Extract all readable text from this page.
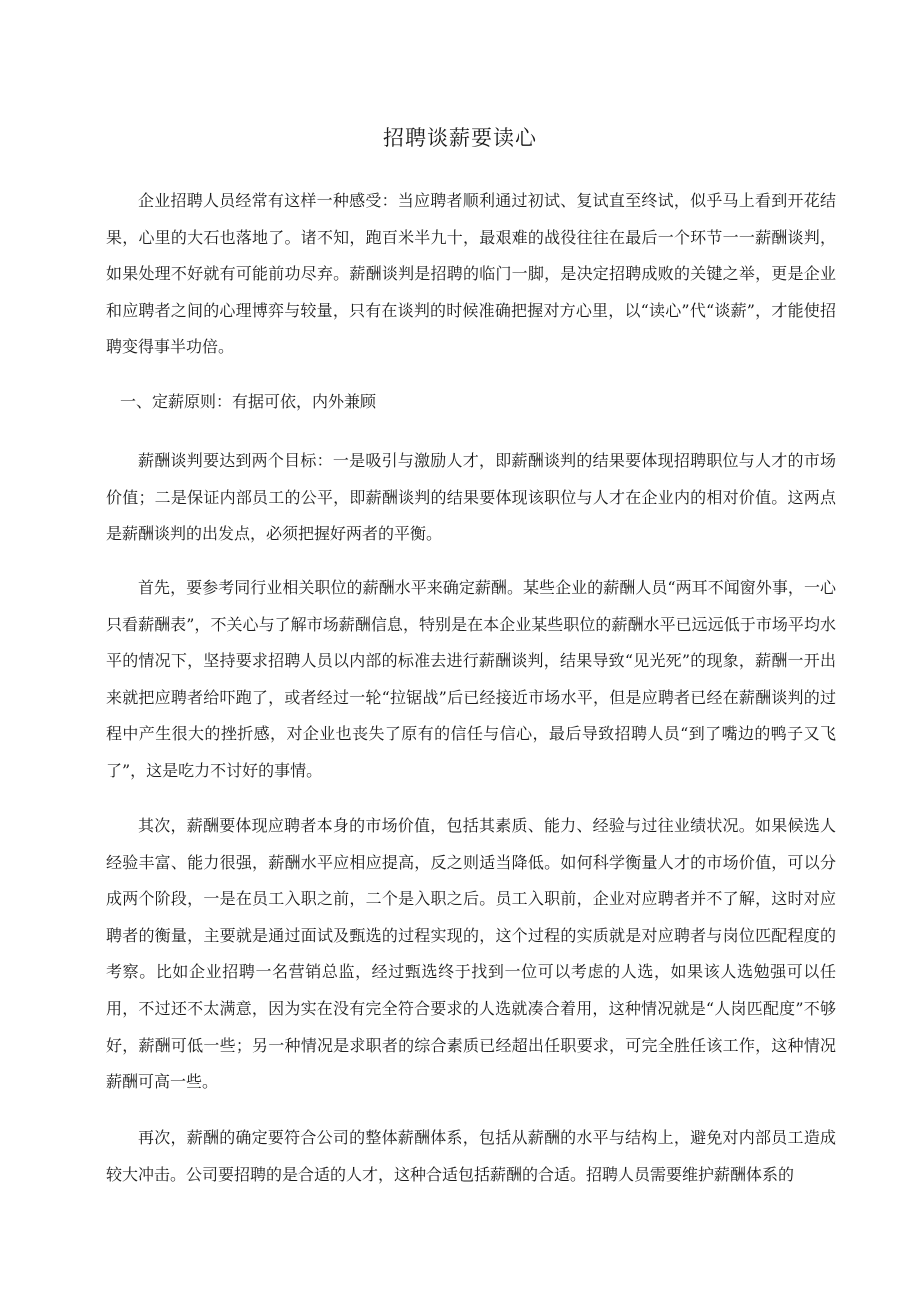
招聘谈薪要读心

企业招聘人员经常有这样一种感受：当应聘者顺利通过初试、复试直至终试，似乎马上看到开花结果，心里的大石也落地了。诸不知，跑百米半九十，最艰难的战役往往在最后一个环节一一薪酬谈判，如果处理不好就有可能前功尽弃。薪酬谈判是招聘的临门一脚，是决定招聘成败的关键之举，更是企业和应聘者之间的心理博弈与较量，只有在谈判的时候准确把握对方心里，以“读心”代“谈薪”，才能使招聘变得事半功倍。

一、定薪原则：有据可依，内外兼顾

薪酬谈判要达到两个目标：一是吸引与激励人才，即薪酬谈判的结果要体现招聘职位与人才的市场价值；二是保证内部员工的公平，即薪酬谈判的结果要体现该职位与人才在企业内的相对价值。这两点是薪酬谈判的出发点，必须把握好两者的平衡。

首先，要参考同行业相关职位的薪酬水平来确定薪酬。某些企业的薪酬人员“两耳不闻窗外事，一心只看薪酬表”，不关心与了解市场薪酬信息，特别是在本企业某些职位的薪酬水平已远远低于市场平均水平的情况下，坚持要求招聘人员以内部的标准去进行薪酬谈判，结果导致“见光死”的现象，薪酬一开出来就把应聘者给吓跑了，或者经过一轮“拉锯战”后已经接近市场水平，但是应聘者已经在薪酬谈判的过程中产生很大的挫折感，对企业也丧失了原有的信任与信心，最后导致招聘人员“到了嘴边的鸭子又飞了”，这是吃力不讨好的事情。

其次，薪酬要体现应聘者本身的市场价值，包括其素质、能力、经验与过往业绩状况。如果候选人经验丰富、能力很强，薪酬水平应相应提高，反之则适当降低。如何科学衡量人才的市场价值，可以分成两个阶段，一是在员工入职之前，二个是入职之后。员工入职前，企业对应聘者并不了解，这时对应聘者的衡量，主要就是通过面试及甄选的过程实现的，这个过程的实质就是对应聘者与岗位匹配程度的考察。比如企业招聘一名营销总监，经过甄选终于找到一位可以考虑的人选，如果该人选勉强可以任用，不过还不太满意，因为实在没有完全符合要求的人选就凑合着用，这种情况就是“人岗匹配度”不够好，薪酬可低一些；另一种情况是求职者的综合素质已经超出任职要求，可完全胜任该工作，这种情况薪酬可高一些。

再次，薪酬的确定要符合公司的整体薪酬体系，包括从薪酬的水平与结构上，避免对内部员工造成较大冲击。公司要招聘的是合适的人才，这种合适包括薪酬的合适。招聘人员需要维护薪酬体系的
